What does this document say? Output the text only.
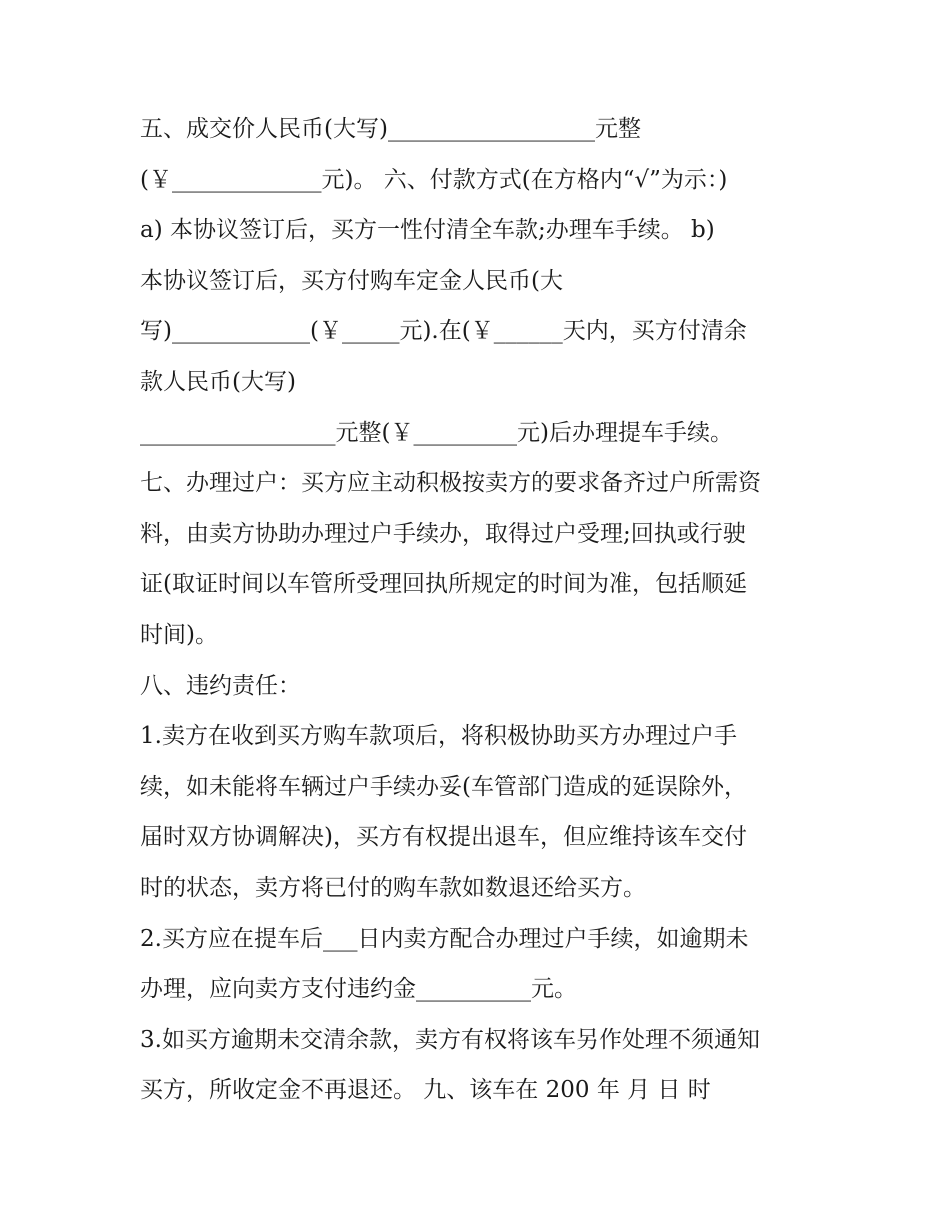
五、成交价人民币(大写)__________________元整
(￥_____________元)。 六、付款方式(在方格内“√”为示：)
a) 本协议签订后，买方一性付清全车款;办理车手续。 b)
本协议签订后，买方付购车定金人民币(大
写)____________(￥_____元).在(￥______天内，买方付清余
款人民币(大写)
_________________元整(￥_________元)后办理提车手续。
七、办理过户：买方应主动积极按卖方的要求备齐过户所需资
料，由卖方协助办理过户手续办，取得过户受理;回执或行驶
证(取证时间以车管所受理回执所规定的时间为准，包括顺延
时间)。
八、违约责任：
1.卖方在收到买方购车款项后，将积极协助买方办理过户手
续，如未能将车辆过户手续办妥(车管部门造成的延误除外，
届时双方协调解决)，买方有权提出退车，但应维持该车交付
时的状态，卖方将已付的购车款如数退还给买方。
2.买方应在提车后___日内卖方配合办理过户手续，如逾期未
办理，应向卖方支付违约金__________元。
3.如买方逾期未交清余款，卖方有权将该车另作处理不须通知
买方，所收定金不再退还。 九、该车在 200 年 月 日 时
